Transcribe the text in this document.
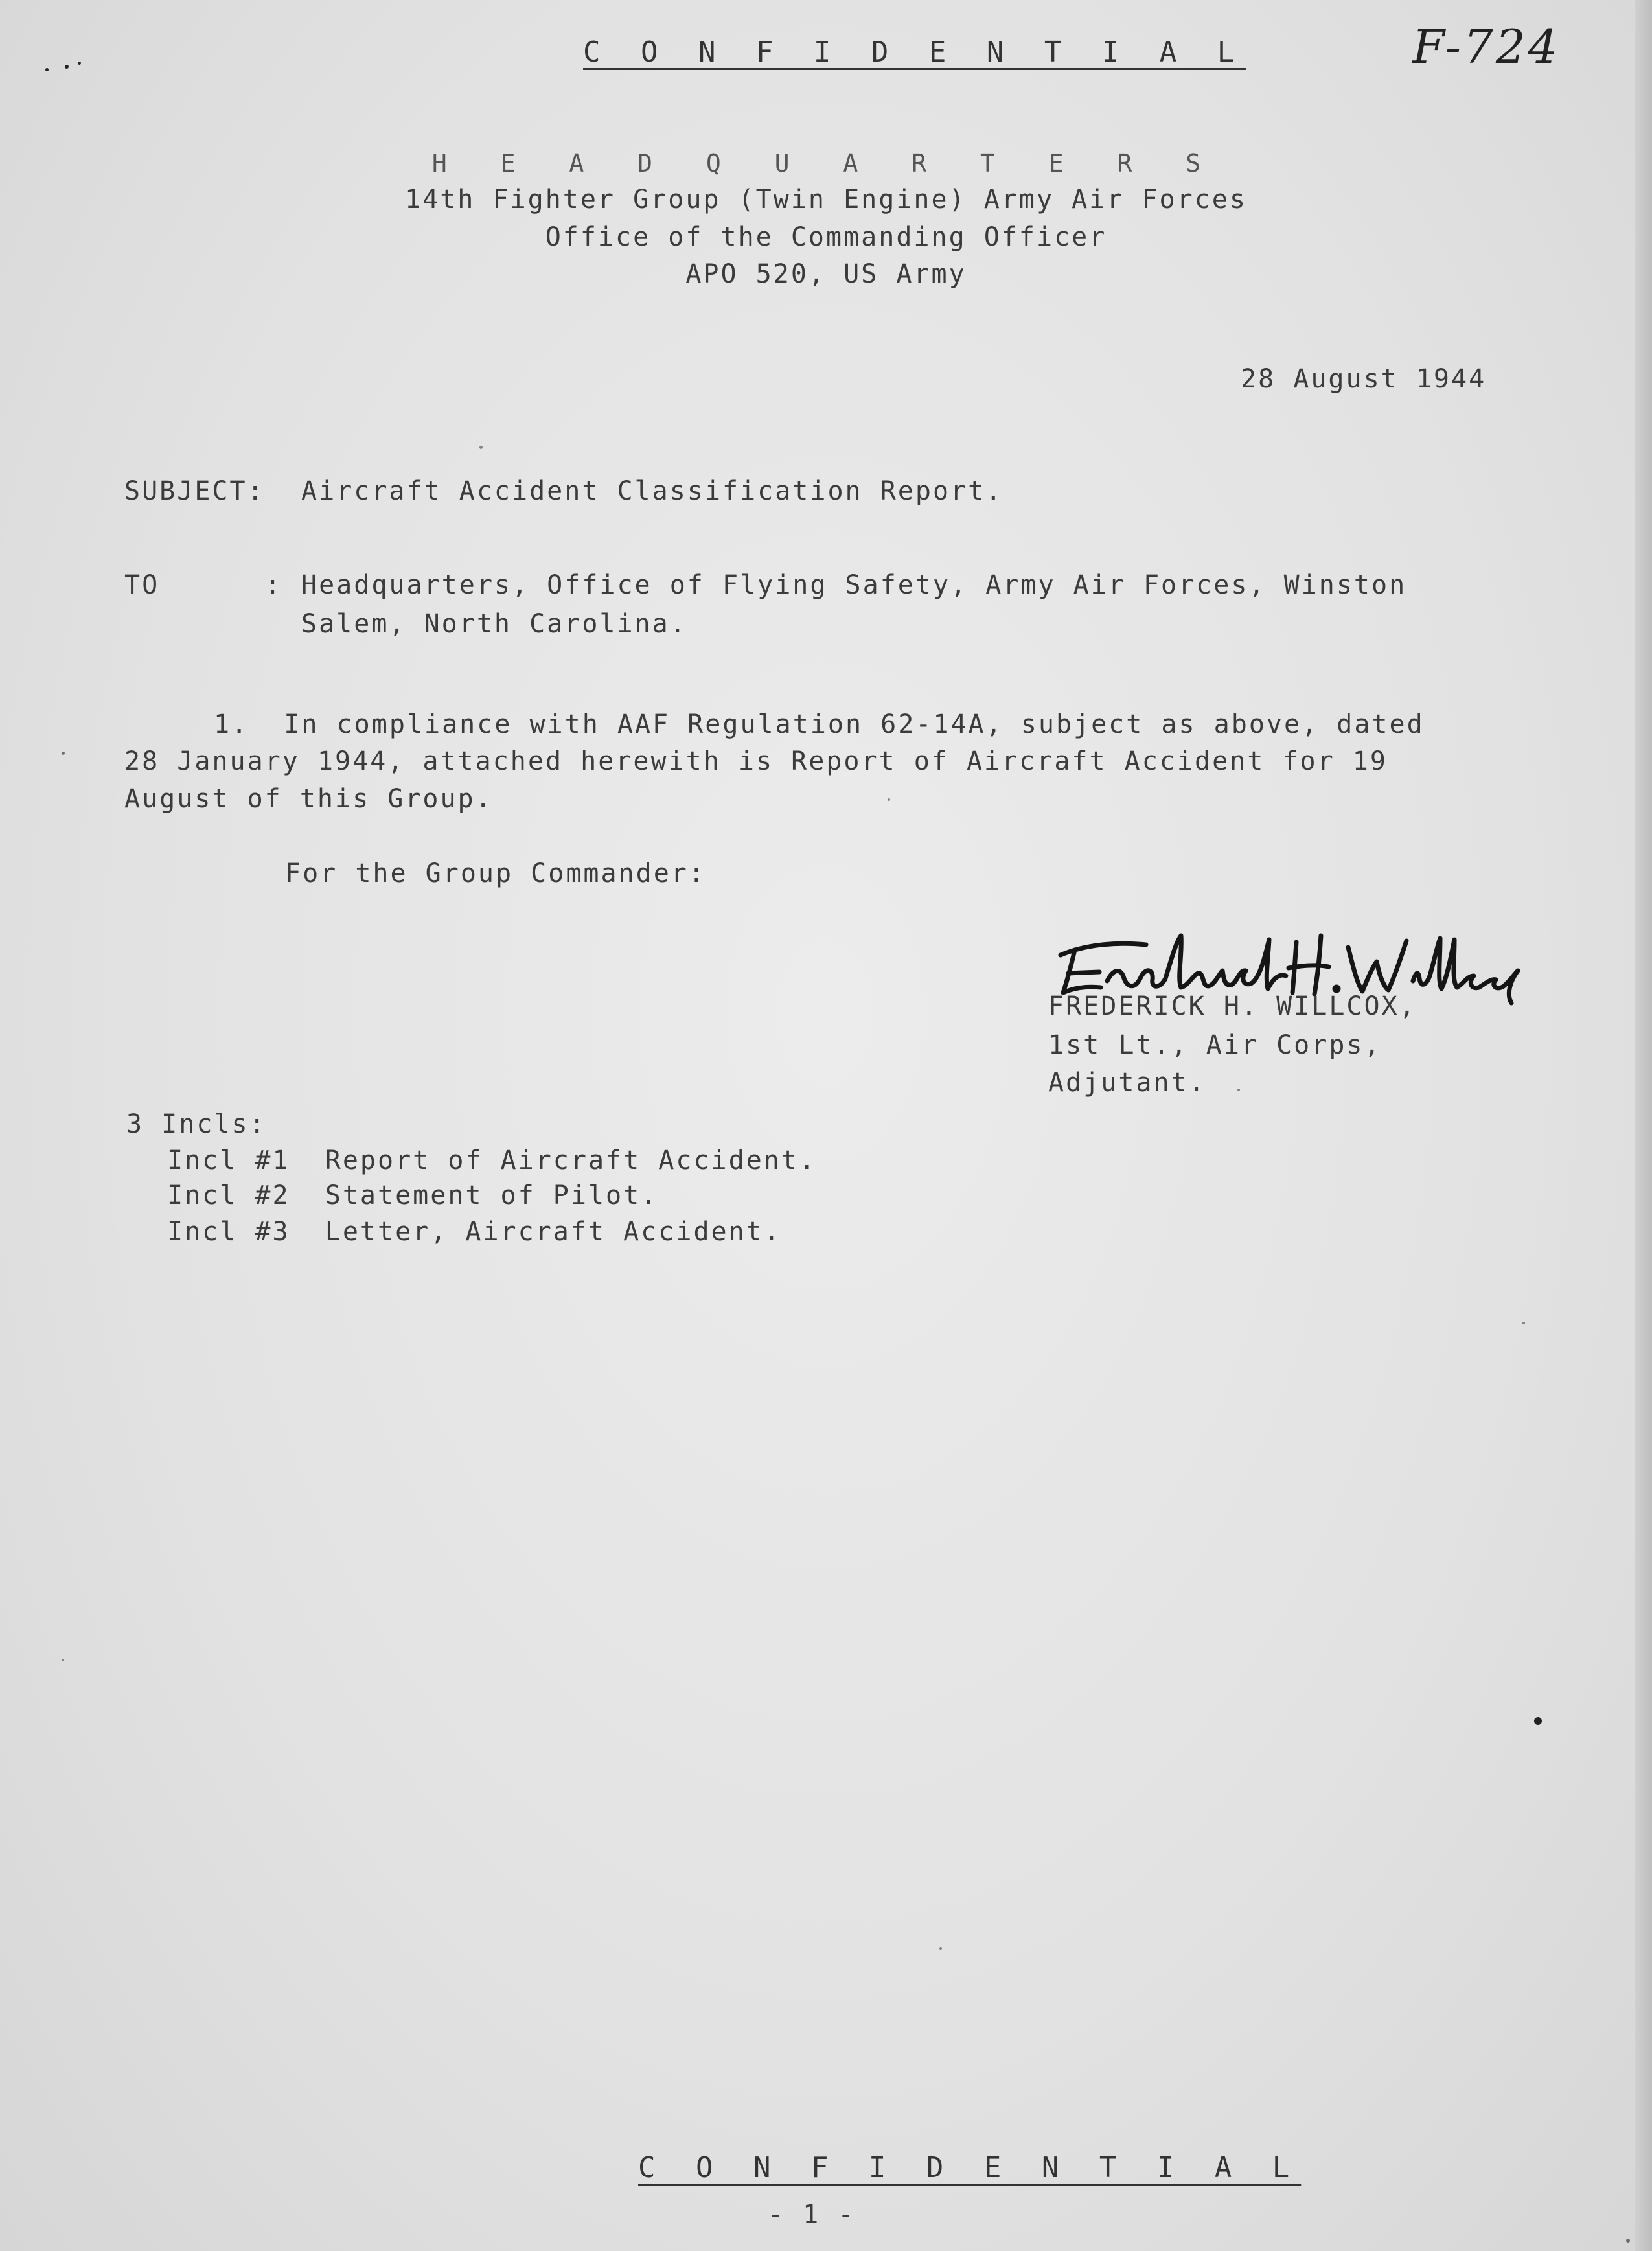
C O N F I D E N T I A L	F-724
H E A D Q U A R T E R S
14th Fighter Group (Twin Engine) Army Air Forces
Office of the Commanding Officer
APO 520, US Army
28 August 1944
SUBJECT: Aircraft Accident Classification Report.
TO      : Headquarters, Office of Flying Safety, Army Air Forces, Winston
Salem, North Carolina.
1.  In compliance with AAF Regulation 62-14A, subject as above, dated
28 January 1944, attached herewith is Report of Aircraft Accident for 19
August of this Group.
For the Group Commander:

FREDERICK H. WILLCOX,
1st Lt., Air Corps,
Adjutant.
3 Incls:
Incl #1  Report of Aircraft Accident.
Incl #2  Statement of Pilot.
Incl #3  Letter, Aircraft Accident.
C O N F I D E N T I A L
- 1 -
